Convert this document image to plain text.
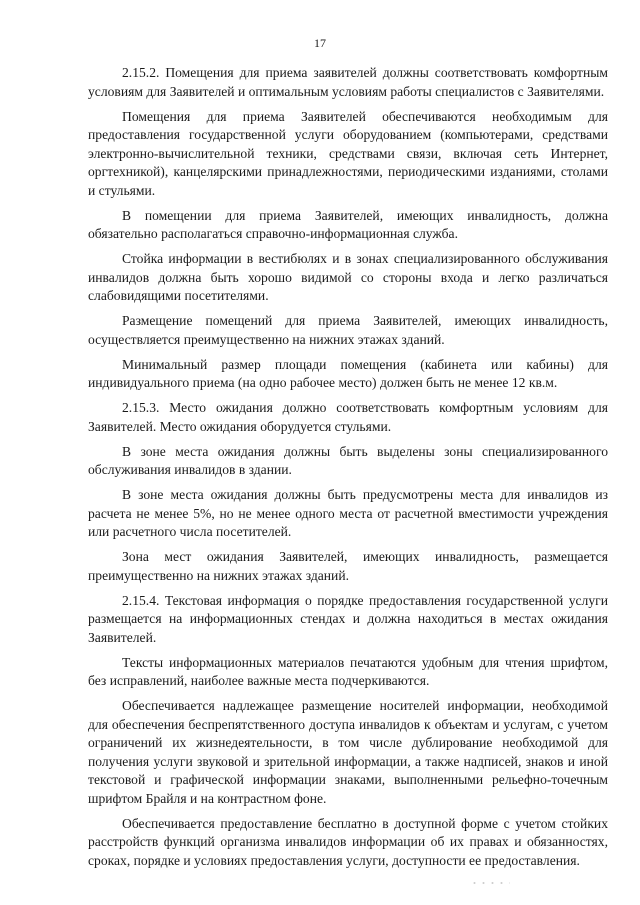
17

2.15.2. Помещения для приема заявителей должны соответствовать комфортным условиям для Заявителей и оптимальным условиям работы специалистов с Заявителями.

Помещения для приема Заявителей обеспечиваются необходимым для предоставления государственной услуги оборудованием (компьютерами, средствами электронно-вычислительной техники, средствами связи, включая сеть Интернет, оргтехникой), канцелярскими принадлежностями, периодическими изданиями, столами и стульями.

В помещении для приема Заявителей, имеющих инвалидность, должна обязательно располагаться справочно-информационная служба.

Стойка информации в вестибюлях и в зонах специализированного обслуживания инвалидов должна быть хорошо видимой со стороны входа и легко различаться слабовидящими посетителями.

Размещение помещений для приема Заявителей, имеющих инвалидность, осуществляется преимущественно на нижних этажах зданий.

Минимальный размер площади помещения (кабинета или кабины) для индивидуального приема (на одно рабочее место) должен быть не менее 12 кв.м.

2.15.3. Место ожидания должно соответствовать комфортным условиям для Заявителей. Место ожидания оборудуется стульями.

В зоне места ожидания должны быть выделены зоны специализированного обслуживания инвалидов в здании.

В зоне места ожидания должны быть предусмотрены места для инвалидов из расчета не менее 5%, но не менее одного места от расчетной вместимости учреждения или расчетного числа посетителей.

Зона мест ожидания Заявителей, имеющих инвалидность, размещается преимущественно на нижних этажах зданий.

2.15.4. Текстовая информация о порядке предоставления государственной услуги размещается на информационных стендах и должна находиться в местах ожидания Заявителей.

Тексты информационных материалов печатаются удобным для чтения шрифтом, без исправлений, наиболее важные места подчеркиваются.

Обеспечивается надлежащее размещение носителей информации, необходимой для обеспечения беспрепятственного доступа инвалидов к объектам и услугам, с учетом ограничений их жизнедеятельности, в том числе дублирование необходимой для получения услуги звуковой и зрительной информации, а также надписей, знаков и иной текстовой и графической информации знаками, выполненными рельефно-точечным шрифтом Брайля и на контрастном фоне.

Обеспечивается предоставление бесплатно в доступной форме с учетом стойких расстройств функций организма инвалидов информации об их правах и обязанностях, сроках, порядке и условиях предоставления услуги, доступности ее предоставления.
